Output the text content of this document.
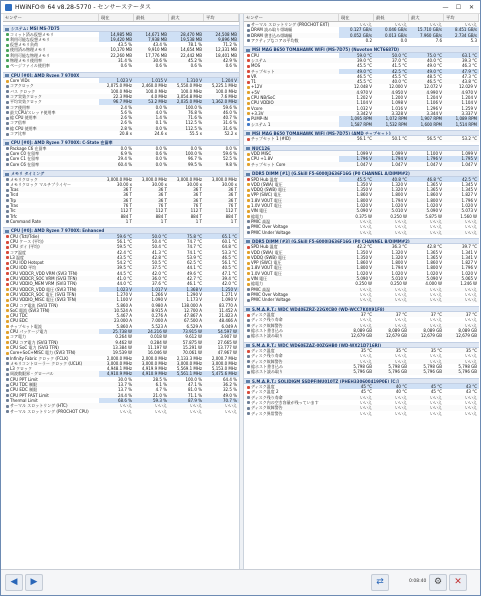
HWiNFO® 64 v8.28-5770 - センサーステータス	— ☐	✕
センサー	現在	最低	最大	平均
システム: MSI MS-7D75
コミット済み仮想メモリ	14,985 MB	14,671 MB	28,470 MB	24,508 MB
利用可能な仮想メモリ	19,420 MB	7,938 MB	19,538 MB	9,896 MB
仮想メモリ負荷	43.5 %	43.4 %	78.1 %	71.2 %
使用済み物理メモリ	10,170 MB	9,910 MB	14,654 MB	12,331 MB
利用可能な物理メモリ	22,260 MB	17,776 MB	22,442 MB	18,401 MB
物理メモリ使用率	31.4 %	30.6 %	45.2 %	42.9 %
ページファイル使用率	0.6 %	0.6 %	0.6 %	0.6 %
CPU [#0]: AMD Ryzen 7 9700X
Core VIDs	1.023 V	1.015 V	1.310 V	1.204 V
コアクロック	2,075.0 MHz	2,460.0 MHz	5,550.0 MHz	5,225.1 MHz
バス クロック	100.0 MHz	100.0 MHz	100.0 MHz	100.0 MHz
コア実効クロック	22.3 MHz	4.0 MHz	3,054.8 MHz	7.6 MHz
平均実効クロック	96.7 MHz	53.2 MHz	2,035.0 MHz	1,362.0 MHz
コア使用率	2.4 %	0.0 %	100.0 %	59.6 %
最大CPU/スレッド使用率	5.6 %	4.0 %	76.8 %	46.0 %
総 CPU 使用率	2.6 %	1.4 %	71.6 %	40.7 %
コア倍率	2.6 %	0.1 %	112.5 %	31.6 %
総 CPU 使用率	2.8 %	0.0 %	112.5 %	31.6 %
コア比率	20.8 x	24.6 x	55.5 x	52.2 x
CPU [#0]: AMD Ryzen 7 9700X: C-State 在留率
Package C6 在留率	0.0 %	0.0 %	0.0 %	0.0 %
Core C0 在留率	6.9 %	0.6 %	100.0 %	59.6 %
Core C1 在留率	29.4 %	0.0 %	96.7 %	52.5 %
Core C6 在留率	60.4 %	0.0 %	99.5 %	9.8 %
メモリ タイミング
メモリクロック	3,000.0 MHz	3,000.0 MHz	3,000.0 MHz	3,000.0 MHz
メモリクロック マルチプライヤー	30.00 x	30.00 x	30.00 x	30.00 x
Tcas	36 T	36 T	36 T	36 T
Trcd	36 T	36 T	36 T	36 T
Trp	36 T	36 T	36 T	36 T
Tras	76 T	76 T	76 T	76 T
Trc	112 T	112 T	112 T	112 T
Trfc	884 T	884 T	884 T	884 T
Command Rate	1 T	1 T	1 T	1 T
CPU [#0]: AMD Ryzen 7 9700X: Enhanced
CPU (Tctl/Tdie)	59.6 °C	50.0 °C	75.8 °C	65.1 °C
CPU ケース (平均)	56.1 °C	50.4 °C	74.7 °C	60.1 °C
CPU ダイ (平均)	59.5 °C	50.4 °C	74.7 °C	64.8 °C
コア温度	42.4 °C	41.3 °C	74.1 °C	53.3 °C
L3 温度	43.5 °C	42.8 °C	53.9 °C	46.5 °C
CPU IOD Hotspot	54.2 °C	50.5 °C	62.5 °C	56.1 °C
CPU IOD 平均	39.5 °C	37.5 °C	44.1 °C	40.5 °C
CPU VDDCR_VDD VRM (SVI3 TFN)	44.5 °C	42.0 °C	49.6 °C	47.1 °C
CPU VDDCR_SOC VRM (SVI3 TFN)	41.0 °C	36.0 °C	42.7 °C	39.4 °C
CPU VDDIO_MEM VRM (SVI3 TFN)	44.0 °C	37.6 °C	46.1 °C	42.0 °C
CPU VDDCR_VDD 電圧 (SVI3 TFN)	1.023 V	1.017 V	1.368 V	1.250 V
CPU VDDCR_SOC 電圧 (SVI3 TFN)	1.270 V	1.266 V	1.290 V	1.271 V
CPU VDDIO_MISC 電圧 (SVI3 TFN)	1.100 V	1.090 V	1.173 V	1.090 V
CPU コア電流 (SVI3 TFN)	5.860 A	0.980 A	138.000 A	83.770 A
SoC 電流 (SVI3 TFN)	10.524 A	8.915 A	12.700 A	11.452 A
CPU TDC	5.467 A	0.276 A	47.867 A	21.823 A
CPU EDC	23.000 A	7.000 A	67.500 A	48.466 A
チップセット電流	5.860 A	5.523 A	6.529 A	6.049 A
CPU パッケージ電力	25.738 W	24.216 W	73.915 W	54.597 W
コア電力	0.264 W	0.018 W	9.612 W	3.907 W
CPU コア電力 (SVI3 TFN)	9.462 W	0.284 W	57.875 W	27.665 W
CPU SoC 電力 (SVI3 TFN)	13.384 W	11.197 W	15.291 W	13.777 W
Core+SoC+MISC 電力 (SVI3 TFN)	19.539 W	16.046 W	70.061 W	47.967 W
Infinity Fabric クロック (FCLK)	2,000.0 MHz	2,000.0 MHz	2,133.3 MHz	2,000.7 MHz
メモリコントローラー クロック (UCLK)	3,000.0 MHz	3,000.0 MHz	3,000.0 MHz	3,000.0 MHz
L3 クロック	4,948.1 MHz	4,919.9 MHz	5,569.1 MHz	5,153.0 MHz
周波数限界 - グローバル	4,910.9 MHz	4,910.9 MHz	5,561.1 MHz	5,475.6 MHz
CPU PPT Limit	30.0 %	28.5 %	100.0 %	64.4 %
CPU TDC 制限	13.7 %	6.1 %	47.1 %	36.2 %
CPU EDC 制限	13.7 %	4.7 %	81.0 %	32.5 %
CPU PPT FAST Limit	24.4 %	21.0 %	71.1 %	49.0 %
Thermal Limit	68.6 %	59.3 %	87.9 %	70.7 %
サーマル スロットリング (HTC)	いいえ	いいえ	いいえ	いいえ
サーマル スロットリング (PROCHOT CPU)	いいえ	いいえ	いいえ	いいえ
センサー	現在	最低	最大	平均
サーマル スロットリング (PROCHOT EXT)	いいえ	いいえ	いいえ	いいえ
DRAM 読み取り帯域幅	0.127 GB/s	0.046 GB/s	15.710 GB/s	8.451 GB/s
DRAM 書き込み帯域幅	0.052 GB/s	0.013 GB/s	7.960 GB/s	2.734 GB/s
アクティブなコアの平均数	0.2	0.0	7.6	5.3
MSI MAG B650 TOMAHAWK WIFI (MS-7D75) (Nuvoton NCT6687D)
CPU	59.0 °C	50.0 °C	75.0 °C	63.1 °C
システム	39.0 °C	37.0 °C	40.0 °C	39.3 °C
MOS	45.5 °C	41.5 °C	49.0 °C	46.3 °C
チップセット	49.0 °C	42.5 °C	49.0 °C	47.9 °C
VR	46.5 °C	45.5 °C	48.5 °C	47.3 °C
T1	45.5 °C	40.0 °C	46.5 °C	43.8 °C
+12V	12.048 V	12.000 V	12.072 V	12.029 V
+5V	4.970 V	4.950 V	4.990 V	4.970 V
CPU NB/SoC	1.202 V	1.200 V	1.204 V	1.204 V
CPU VDDIO	1.104 V	1.098 V	1.106 V	1.104 V
Vcore	1.032 V	1.016 V	1.296 V	1.259 V
+3.3V	3.342 V	3.328 V	3.344 V	3.337 V
PUMP-IN	1,095 RPM	1,072 RPM	1,907 RPM	1,089 RPM
システム 1	1,587 RPM	1,532 RPM	1,600 RPM	1,514 RPM
MSI MAG B650 TOMAHAWK WIFI (MS-7D75) (AMD チップセット)
チップセット 1 (#ID)	56.1 °C	50.1 °C	56.5 °C	53.2 °C
NUC126
VDD MISC	1.099 V	1.099 V	1.100 V	1.099 V
CPU +1.8V	1.796 V	1.794 V	1.796 V	1.795 V
チップセット Core	1.047 V	1.047 V	1.047 V	1.047 V
DDR5 DIMM [#1] (G.Skill F5-6000J3636F16G (P0 CHANNEL A/DIMM#2)
SPD Hub 温度	45.5 °C	40.8 °C	46.8 °C	42.5 °C
VDD (SWA) 電圧	1.350 V	1.320 V	1.365 V	1.345 V
VDDQ (SWB) 電圧	1.350 V	1.320 V	1.365 V	1.345 V
VPP (SWC) 電圧	1.860 V	1.800 V	1.860 V	1.827 V
1.8V VOUT 電圧	1.800 V	1.794 V	1.800 V	1.796 V
1.0V VOUT 電圧	1.020 V	1.020 V	1.020 V	1.020 V
VIN 電圧	5.090 V	5.010 V	5.090 V	5.073 V
総電力	0.375 W	0.250 W	5.875 W	1.560 W
PMIC 高温	いいえ	いいえ	いいえ	いいえ
PMIC Over Voltage	いいえ	いいえ	いいえ	いいえ
PMIC Under Voltage	いいえ	いいえ	いいえ	いいえ
DDR5 DIMM [#3] (G.Skill F5-6000J3636F16G (P0 CHANNEL B/DIMM#2)
SPD Hub 温度	42.2 °C	36.3 °C	42.8 °C	39.7 °C
VDD (SWA) 電圧	1.350 V	1.320 V	1.365 V	1.341 V
VDDQ (SWB) 電圧	1.350 V	1.320 V	1.365 V	1.341 V
VPP (SWC) 電圧	1.860 V	1.800 V	1.860 V	1.827 V
1.8V VOUT 電圧	1.800 V	1.794 V	1.800 V	1.796 V
1.0V VOUT 電圧	1.020 V	1.020 V	1.020 V	1.020 V
VIN 電圧	5.090 V	5.010 V	5.090 V	5.065 V
総電力	0.250 W	0.250 W	4.000 W	1.246 W
PMIC 高温	いいえ	いいえ	いいえ	いいえ
PMIC Over Voltage	いいえ	いいえ	いいえ	いいえ
PMIC Under Voltage	いいえ	いいえ	いいえ	いいえ
S.M.A.R.T.: WDC WD40EZRZ-22GXCB0 (WD-WCC7K0X91F8)
ディスク温度	37 °C	37 °C	37 °C	37 °C
ディスク残り寿命	いいえ	いいえ	いいえ	いいえ
ディスク故障警告	いいえ	いいえ	いいえ	いいえ
総ホスト書き込み	8,089 GB	8,089 GB	8,089 GB	8,089 GB
総ホスト読み取り	12,679 GB	12,679 GB	12,679 GB	12,679 GB
S.M.A.R.T.: WDC WD60EZAZ-00ZGHB0 (WD-WX21D716RJ)
ディスク温度	35 °C	35 °C	35 °C	35 °C
ディスク残り寿命	いいえ	いいえ	いいえ	いいえ
ディスク故障警告	いいえ	いいえ	いいえ	いいえ
総ホスト書き込み	5,798 GB	5,798 GB	5,798 GB	5,798 GB
総ホスト読み取り	5,796 GB	5,796 GB	5,796 GB	5,796 GB
S.M.A.R.T.: SOLIDIGM SSDPFINU010TZ (PHEH330600419P0E) [C:]
ディスク温度	45 °C	40 °C	45 °C	43 °C
ディスク温度 2	45 °C	40 °C	45 °C	43 °C
ディスク残り寿命	いいえ	いいえ	いいえ	いいえ
ディスク内の空き容量が残っています	いいえ	いいえ	いいえ	いいえ
ディスク故障警告	いいえ	いいえ	いいえ	いいえ
ディスク異常警告	いいえ	いいえ	いいえ	いいえ
◀	▶	⇄	0:08:40 ⚙	✕
